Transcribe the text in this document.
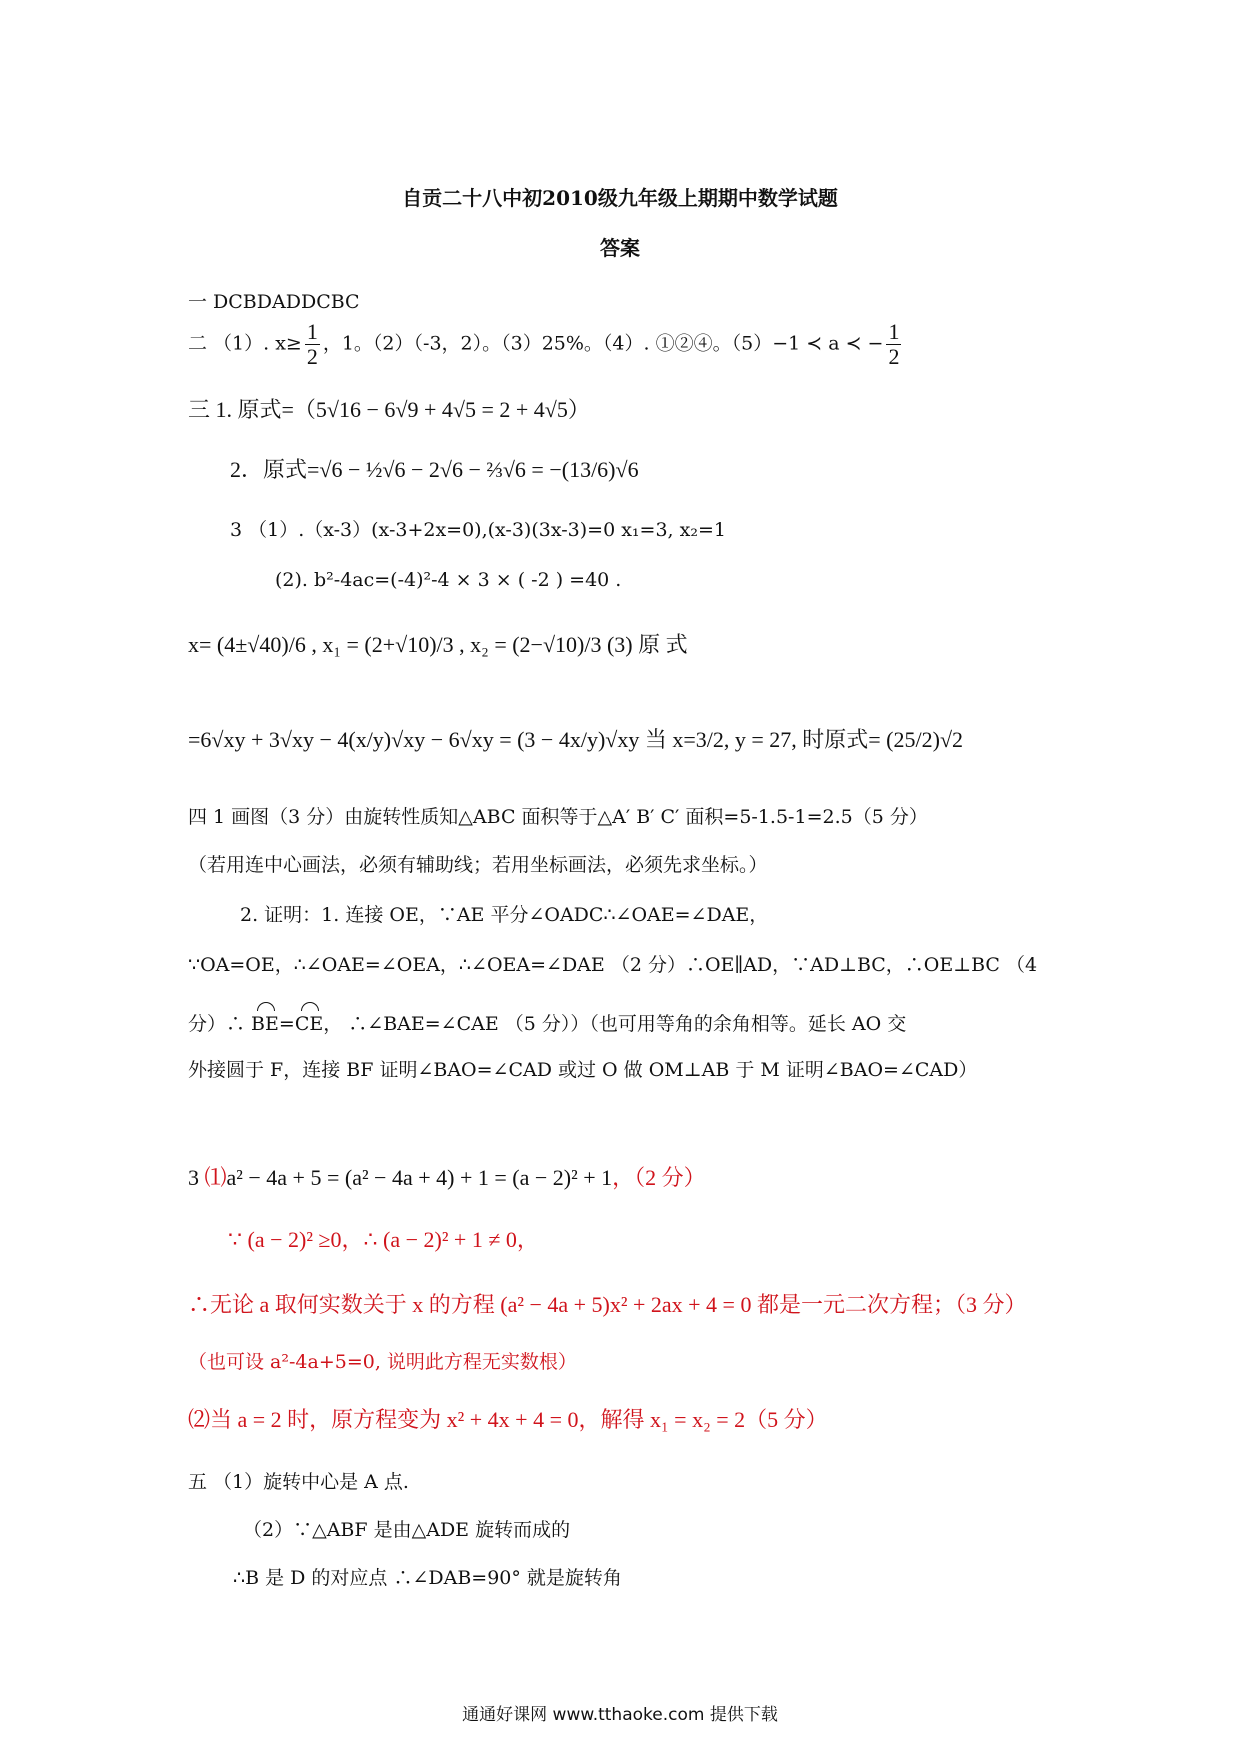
自贡二十八中初2010级九年级上期期中数学试题
答案
一 DCBDADDCBC
二 （1）. $x\ge \frac{1}{2}$ ，1。（2）（-3，2）。（3）25%。（4）. ①②④。（5）−1 ≺ a ≺ − $\frac{1}{2}$
三 1. 原式=（5√16 − 6√9 + 4√5 = 2 + 4√5）
2．原式=√6 − ½√6 − 2√6 − ⅔√6 = −(13/6)√6
3 （1）.（x-3）(x-3+2x=0),(x-3)(3x-3)=0 x₁=3, x₂=1
(2). b²-4ac=(-4)²-4 × 3 × ( -2 ) =40 .
x= (4±√40)/6 , x₁ = (2+√10)/3 , x₂ = (2−√10)/3 (3) 原 式
=6√xy + 3√xy − 4(x/y)√xy − 6√xy = (3 − 4x/y)√xy 当 x=3/2, y = 27, 时原式= (25/2)√2
四 1 画图（3 分）由旋转性质知△ABC 面积等于△A′ B′ C′ 面积=5-1.5-1=2.5（5 分）
（若用连中心画法，必须有辅助线；若用坐标画法，必须先求坐标。）
2. 证明：1. 连接 OE，∵AE 平分∠OADC∴∠OAE=∠DAE，
∵OA=OE，∴∠OAE=∠OEA，∴∠OEA=∠DAE （2 分）∴OE∥AD，∵AD⊥BC，∴OE⊥BC （4
分）∴ BE=CE， ∴∠BAE=∠CAE （5 分））（也可用等角的余角相等。延长 AO 交
外接圆于 F，连接 BF 证明∠BAO=∠CAD 或过 O 做 OM⊥AB 于 M 证明∠BAO=∠CAD）
3 ⑴a² − 4a + 5 = (a² − 4a + 4) + 1 = (a − 2)² + 1，（2 分）
∵ (a − 2)² ≥0，∴ (a − 2)² + 1 ≠ 0，
∴无论 a 取何实数关于 x 的方程 (a² − 4a + 5)x² + 2ax + 4 = 0 都是一元二次方程；（3 分）
（也可设 a²-4a+5=0, 说明此方程无实数根）
⑵当 a = 2 时，原方程变为 x² + 4x + 4 = 0，解得 x₁ = x₂ = 2（5 分）
五 （1）旋转中心是 A 点.
（2）∵△ABF 是由△ADE 旋转而成的
∴B 是 D 的对应点 ∴∠DAB=90° 就是旋转角
通通好课网 www.tthaoke.com 提供下载
